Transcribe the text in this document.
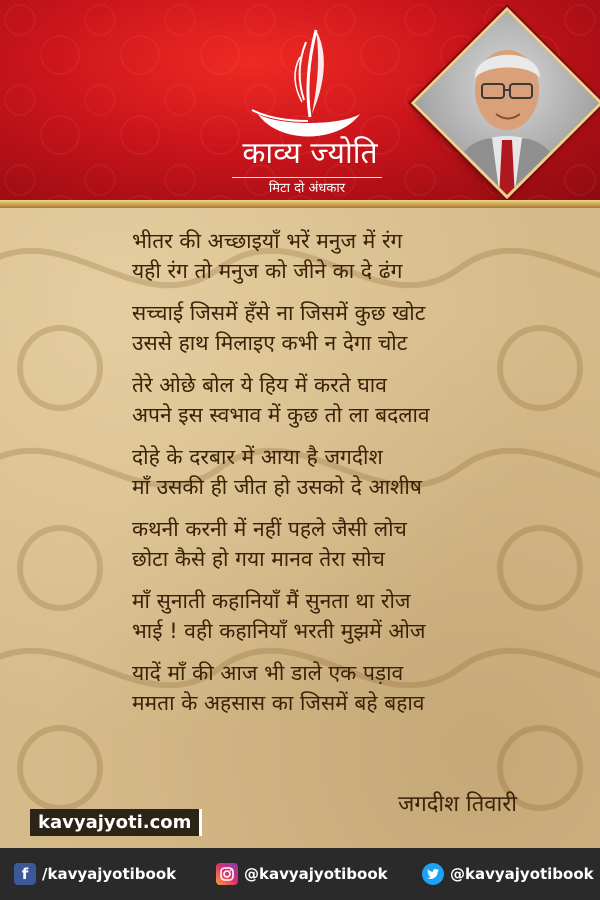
काव्य ज्योति
मिटा दो अंधकार
भीतर की अच्छाइयाँ भरें मनुज में रंग
यही रंग तो मनुज को जीने का दे ढंग
सच्चाई जिसमें हँसे ना जिसमें कुछ खोट
उससे हाथ मिलाइए कभी न देगा चोट
तेरे ओछे बोल ये हिय में करते घाव
अपने इस स्वभाव में कुछ तो ला बदलाव
दोहे के दरबार में आया है जगदीश
माँ उसकी ही जीत हो उसको दे आशीष
कथनी करनी में नहीं पहले जैसी लोच
छोटा कैसे हो गया मानव तेरा सोच
माँ सुनाती कहानियाँ मैं सुनता था रोज
भाई ! वही कहानियाँ भरती मुझमें ओज
यादें माँ की आज भी डाले एक पड़ाव
ममता के अहसास का जिसमें बहे बहाव
जगदीश तिवारी
kavyajyoti.com
f /kavyajyotibook	@kavyajyotibook	@kavyajyotibook
